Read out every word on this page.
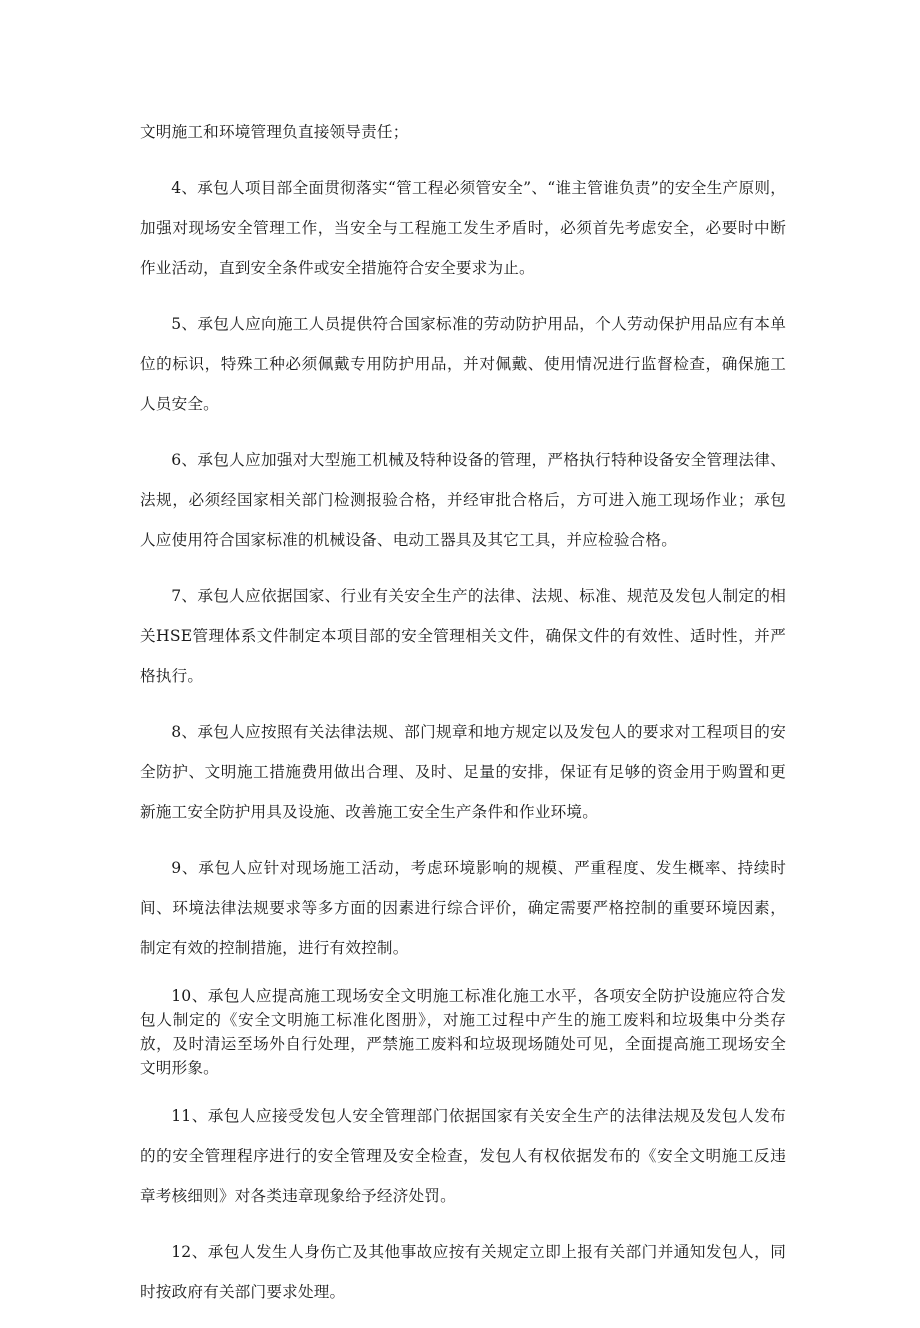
文明施工和环境管理负直接领导责任；

4、承包人项目部全面贯彻落实“管工程必须管安全”、“谁主管谁负责”的安全生产原则，加强对现场安全管理工作，当安全与工程施工发生矛盾时，必须首先考虑安全，必要时中断作业活动，直到安全条件或安全措施符合安全要求为止。

5、承包人应向施工人员提供符合国家标准的劳动防护用品，个人劳动保护用品应有本单位的标识，特殊工种必须佩戴专用防护用品，并对佩戴、使用情况进行监督检查，确保施工人员安全。

6、承包人应加强对大型施工机械及特种设备的管理，严格执行特种设备安全管理法律、法规，必须经国家相关部门检测报验合格，并经审批合格后，方可进入施工现场作业；承包人应使用符合国家标准的机械设备、电动工器具及其它工具，并应检验合格。

7、承包人应依据国家、行业有关安全生产的法律、法规、标准、规范及发包人制定的相关HSE管理体系文件制定本项目部的安全管理相关文件，确保文件的有效性、适时性，并严格执行。

8、承包人应按照有关法律法规、部门规章和地方规定以及发包人的要求对工程项目的安全防护、文明施工措施费用做出合理、及时、足量的安排，保证有足够的资金用于购置和更新施工安全防护用具及设施、改善施工安全生产条件和作业环境。

9、承包人应针对现场施工活动，考虑环境影响的规模、严重程度、发生概率、持续时间、环境法律法规要求等多方面的因素进行综合评价，确定需要严格控制的重要环境因素，制定有效的控制措施，进行有效控制。

10、承包人应提高施工现场安全文明施工标准化施工水平，各项安全防护设施应符合发包人制定的《安全文明施工标准化图册》，对施工过程中产生的施工废料和垃圾集中分类存放，及时清运至场外自行处理，严禁施工废料和垃圾现场随处可见，全面提高施工现场安全文明形象。

11、承包人应接受发包人安全管理部门依据国家有关安全生产的法律法规及发包人发布的的安全管理程序进行的安全管理及安全检查，发包人有权依据发布的《安全文明施工反违章考核细则》对各类违章现象给予经济处罚。

12、承包人发生人身伤亡及其他事故应按有关规定立即上报有关部门并通知发包人，同时按政府有关部门要求处理。
